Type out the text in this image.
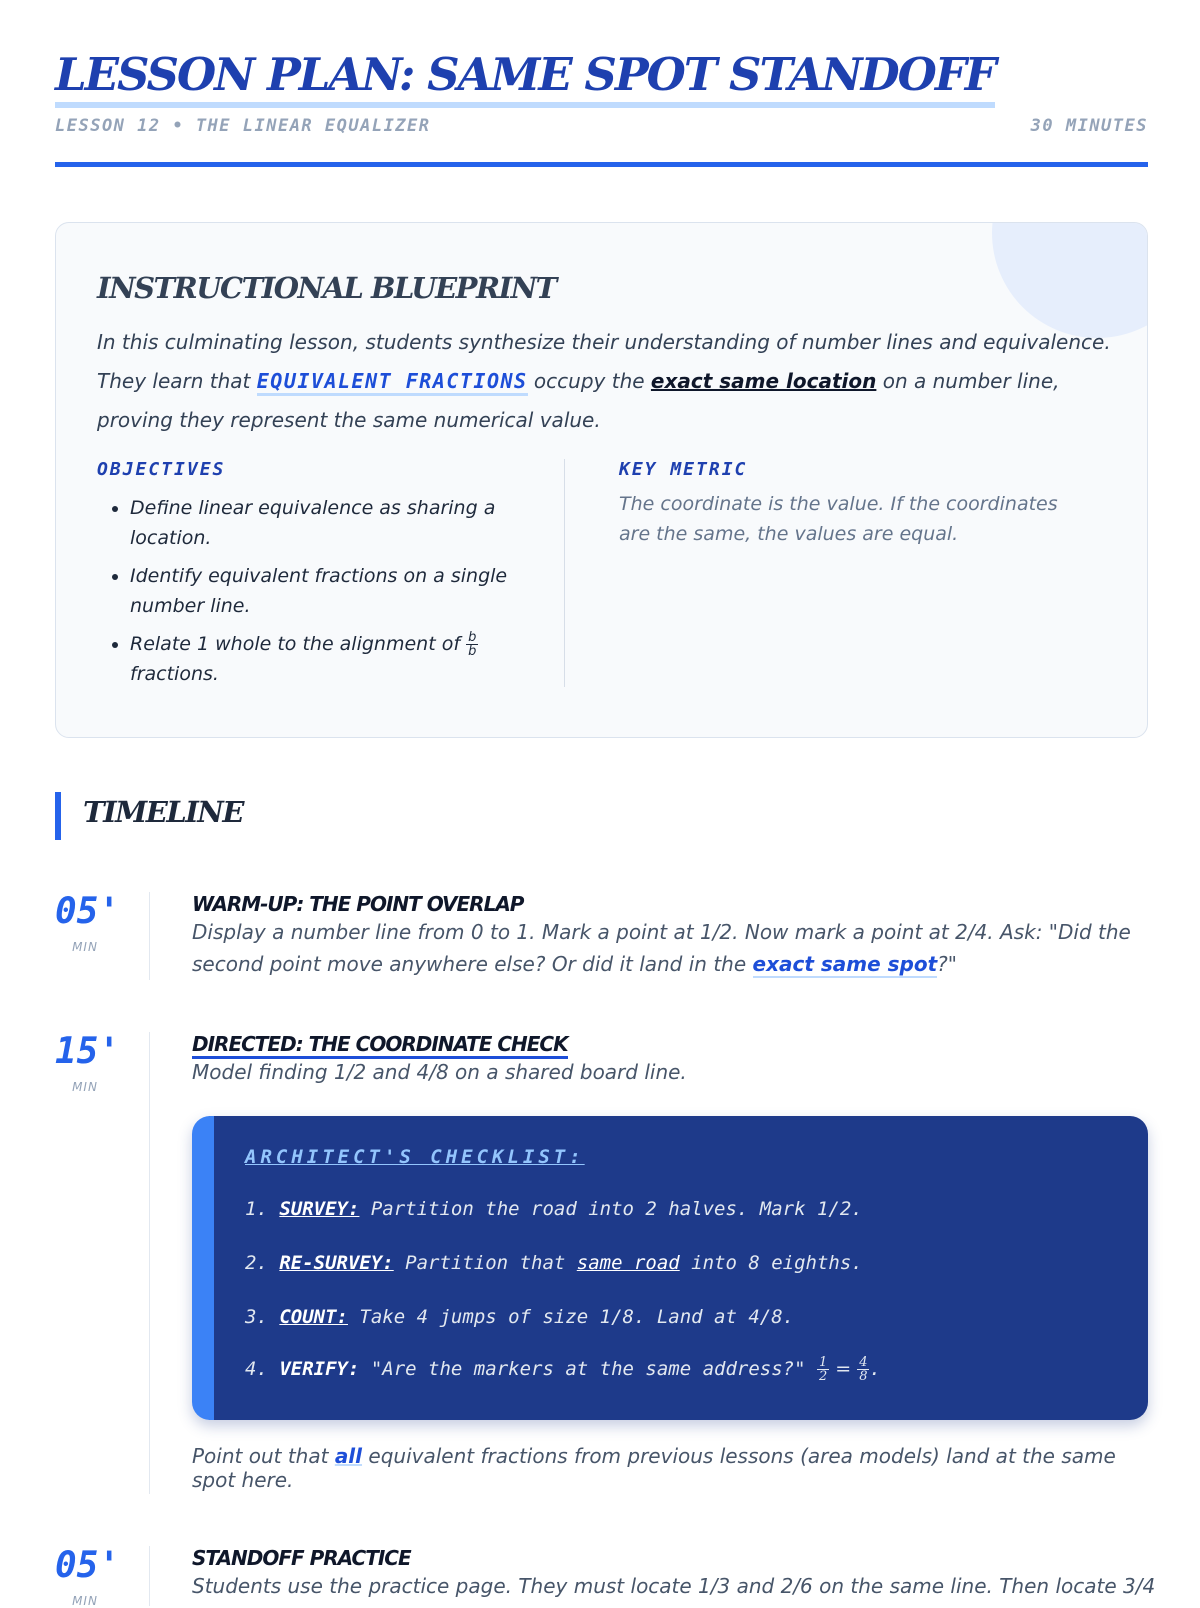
LESSON PLAN: SAME SPOT STANDOFF
LESSON 12 • THE LINEAR EQUALIZER	30 MINUTES
INSTRUCTIONAL BLUEPRINT

In this culminating lesson, students synthesize their understanding of number lines and equivalence. They learn that EQUIVALENT FRACTIONS occupy the exact same location on a number line, proving they represent the same numerical value.

OBJECTIVES
• Define linear equivalence as sharing a location.
• Identify equivalent fractions on a single number line.
• Relate 1 whole to the alignment of $\frac{b}{b}$

fractions.
KEY METRIC

The coordinate is the value. If the coordinates are the same, the values are equal.

TIMELINE
05'
MIN
WARM-UP: THE POINT OVERLAP

Display a number line from 0 to 1. Mark a point at 1/2. Now mark a point at 2/4. Ask: "Did the second point move anywhere else? Or did it land in the exact same spot?"

15'
MIN
DIRECTED: THE COORDINATE CHECK

Model finding 1/2 and 4/8 on a shared board line.

ARCHITECT'S CHECKLIST:
1. SURVEY: Partition the road into 2 halves. Mark 1/2.
2. RE-SURVEY: Partition that same road into 8 eighths.
3. COUNT: Take 4 jumps of size 1/8. Land at 4/8.
4. VERIFY: "Are the markers at the same address?" $\frac{1}{2} = \frac{4}{8}$ .

Point out that all equivalent fractions from previous lessons (area models) land at the same spot here.

05'
MIN
STANDOFF PRACTICE

Students use the practice page. They must locate 1/3 and 2/6 on the same line. Then locate 3/4
